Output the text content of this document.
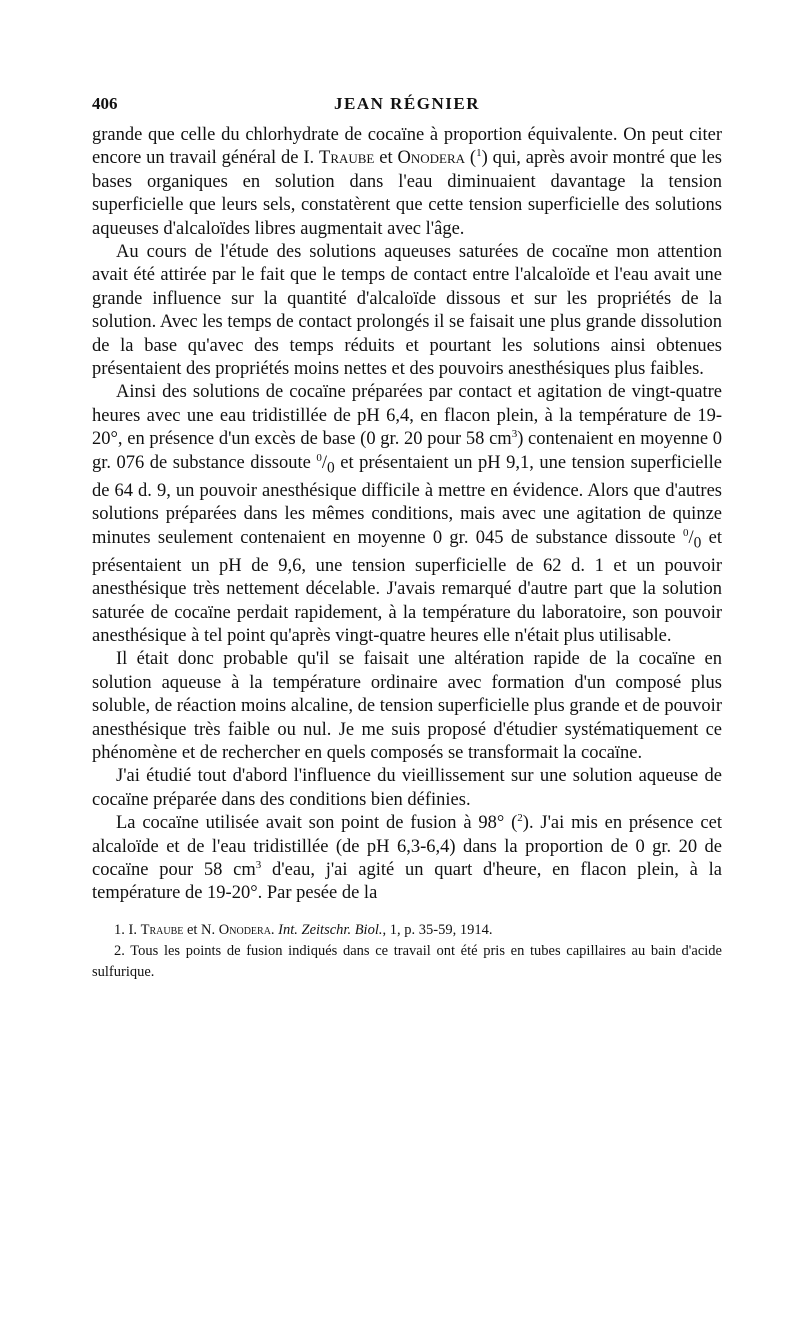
406	JEAN RÉGNIER

grande que celle du chlorhydrate de cocaïne à proportion équivalente. On peut citer encore un travail général de I. Traube et Onodera ($^1$) qui, après avoir montré que les bases organiques en solution dans l'eau diminuaient davantage la tension superficielle que leurs sels, constatèrent que cette tension superficielle des solutions aqueuses d'alcaloïdes libres augmentait avec l'âge.

Au cours de l'étude des solutions aqueuses saturées de cocaïne mon attention avait été attirée par le fait que le temps de contact entre l'alcaloïde et l'eau avait une grande influence sur la quantité d'alcaloïde dissous et sur les propriétés de la solution. Avec les temps de contact prolongés il se faisait une plus grande dissolution de la base qu'avec des temps réduits et pourtant les solutions ainsi obtenues présentaient des propriétés moins nettes et des pouvoirs anesthésiques plus faibles.

Ainsi des solutions de cocaïne préparées par contact et agitation de vingt-quatre heures avec une eau tridistillée de pH 6,4, en flacon plein, à la température de 19-20°, en présence d'un excès de base (0 gr. 20 pour 58 $cm^3$) contenaient en moyenne 0 gr. 076 de substance dissoute $^0/_0$ et présentaient un pH 9,1, une tension superficielle de 64 d. 9, un pouvoir anesthésique difficile à mettre en évidence. Alors que d'autres solutions préparées dans les mêmes conditions, mais avec une agitation de quinze minutes seulement contenaient en moyenne 0 gr. 045 de substance dissoute $^0/_0$ et présentaient un pH de 9,6, une tension superficielle de 62 d. 1 et un pouvoir anesthésique très nettement décelable. J'avais remarqué d'autre part que la solution saturée de cocaïne perdait rapidement, à la température du laboratoire, son pouvoir anesthésique à tel point qu'après vingt-quatre heures elle n'était plus utilisable.

Il était donc probable qu'il se faisait une altération rapide de la cocaïne en solution aqueuse à la température ordinaire avec formation d'un composé plus soluble, de réaction moins alcaline, de tension superficielle plus grande et de pouvoir anesthésique très faible ou nul. Je me suis proposé d'étudier systématiquement ce phénomène et de rechercher en quels composés se transformait la cocaïne.

J'ai étudié tout d'abord l'influence du vieillissement sur une solution aqueuse de cocaïne préparée dans des conditions bien définies.

La cocaïne utilisée avait son point de fusion à 98° ($^2$). J'ai mis en présence cet alcaloïde et de l'eau tridistillée (de pH 6,3-6,4) dans la proportion de 0 gr. 20 de cocaïne pour 58 $cm^3$ d'eau, j'ai agité un quart d'heure, en flacon plein, à la température de 19-20°. Par pesée de la

1. I. Traube et N. Onodera. Int. Zeitschr. Biol., 1, p. 35-59, 1914.

2. Tous les points de fusion indiqués dans ce travail ont été pris en tubes capillaires au bain d'acide sulfurique.
